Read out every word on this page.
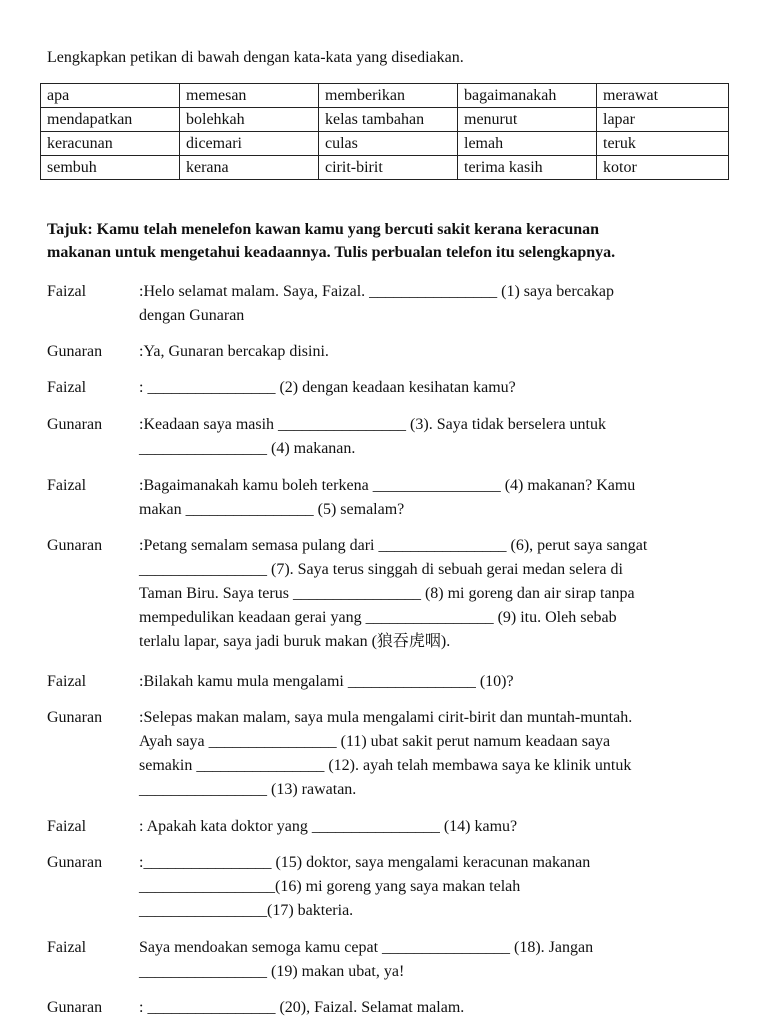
Lengkapkan petikan di bawah dengan kata-kata yang disediakan.
apa	memesan	memberikan	bagaimanakah	merawat
mendapatkan	bolehkah	kelas tambahan	menurut	lapar
keracunan	dicemari	culas	lemah	teruk
sembuh	kerana	cirit-birit	terima kasih	kotor
Tajuk: Kamu telah menelefon kawan kamu yang bercuti sakit kerana keracunan
makanan untuk mengetahui keadaannya. Tulis perbualan telefon itu selengkapnya.
Faizal	:Helo selamat malam. Saya, Faizal. ________________ (1) saya bercakap
dengan Gunaran
Gunaran	:Ya, Gunaran bercakap disini.
Faizal	: ________________ (2) dengan keadaan kesihatan kamu?
Gunaran	:Keadaan saya masih ________________ (3). Saya tidak berselera untuk
________________ (4) makanan.
Faizal	:Bagaimanakah kamu boleh terkena ________________ (4) makanan? Kamu
makan ________________ (5) semalam?
Gunaran	:Petang semalam semasa pulang dari ________________ (6), perut saya sangat
________________ (7). Saya terus singgah di sebuah gerai medan selera di
Taman Biru. Saya terus ________________ (8) mi goreng dan air sirap tanpa
mempedulikan keadaan gerai yang ________________ (9) itu. Oleh sebab
terlalu lapar, saya jadi buruk makan (狼吞虎咽).
Faizal	:Bilakah kamu mula mengalami ________________ (10)?
Gunaran	:Selepas makan malam, saya mula mengalami cirit-birit dan muntah-muntah.
Ayah saya ________________ (11) ubat sakit perut namum keadaan saya
semakin ________________ (12). ayah telah membawa saya ke klinik untuk
________________ (13) rawatan.
Faizal	: Apakah kata doktor yang ________________ (14) kamu?
Gunaran	:________________ (15) doktor, saya mengalami keracunan makanan
_________________(16) mi goreng yang saya makan telah
________________(17) bakteria.
Faizal	Saya mendoakan semoga kamu cepat ________________ (18). Jangan
________________ (19) makan ubat, ya!
Gunaran	: ________________ (20), Faizal. Selamat malam.
